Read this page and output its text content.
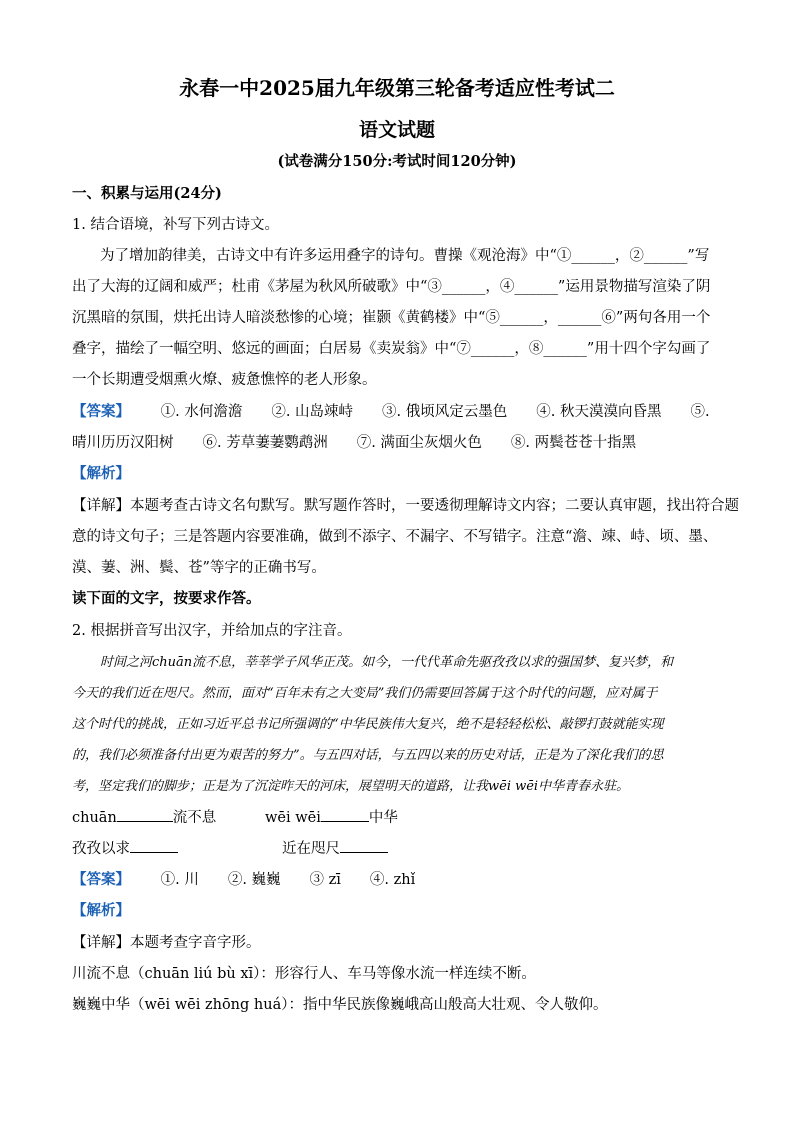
永春一中2025届九年级第三轮备考适应性考试二
语文试题
(试卷满分150分:考试时间120分钟)
一、积累与运用(24分)
1. 结合语境，补写下列古诗文。
为了增加韵律美，古诗文中有许多运用叠字的诗句。曹操《观沧海》中“①______，②______”写
出了大海的辽阔和威严；杜甫《茅屋为秋风所破歌》中“③______，④______”运用景物描写渲染了阴
沉黑暗的氛围，烘托出诗人暗淡愁惨的心境；崔颢《黄鹤楼》中“⑤______，______⑥”两句各用一个
叠字，描绘了一幅空明、悠远的画面；白居易《卖炭翁》中“⑦______，⑧______”用十四个字勾画了
一个长期遭受烟熏火燎、疲惫憔悴的老人形象。
【答案】 ①. 水何澹澹　　②. 山岛竦峙　　③. 俄顷风定云墨色　　④. 秋天漠漠向昏黑　　⑤.
晴川历历汉阳树　　⑥. 芳草萋萋鹦鹉洲　　⑦. 满面尘灰烟火色　　⑧. 两鬓苍苍十指黑
【解析】
【详解】本题考查古诗文名句默写。默写题作答时，一要透彻理解诗文内容；二要认真审题，找出符合题
意的诗文句子；三是答题内容要准确，做到不添字、不漏字、不写错字。注意“澹、竦、峙、顷、墨、
漠、萋、洲、鬓、苍”等字的正确书写。
读下面的文字，按要求作答。
2. 根据拼音写出汉字，并给加点的字注音。
时间之河chuān流不息，莘莘学子风华正茂。如今，一代代革命先驱孜孜以求的强国梦、复兴梦，和
今天的我们近在咫尺。然而，面对“百年未有之大变局”我们仍需要回答属于这个时代的问题，应对属于
这个时代的挑战，正如习近平总书记所强调的“中华民族伟大复兴，绝不是轻轻松松、敲锣打鼓就能实现
的，我们必须准备付出更为艰苦的努力”。与五四对话，与五四以来的历史对话，正是为了深化我们的思
考，坚定我们的脚步；正是为了沉淀昨天的河床，展望明天的道路，让我wēi wēi中华青春永驻。
chuān	流不息	wēi wēi	中华
孜孜以求	近在咫尺
【答案】 ①. 川　　②. 巍巍　　③ zī　　④. zhǐ
【解析】
【详解】本题考查字音字形。
川流不息（chuān liú bù xī）：形容行人、车马等像水流一样连续不断。
巍巍中华（wēi wēi zhōng huá）：指中华民族像巍峨高山般高大壮观、令人敬仰。
